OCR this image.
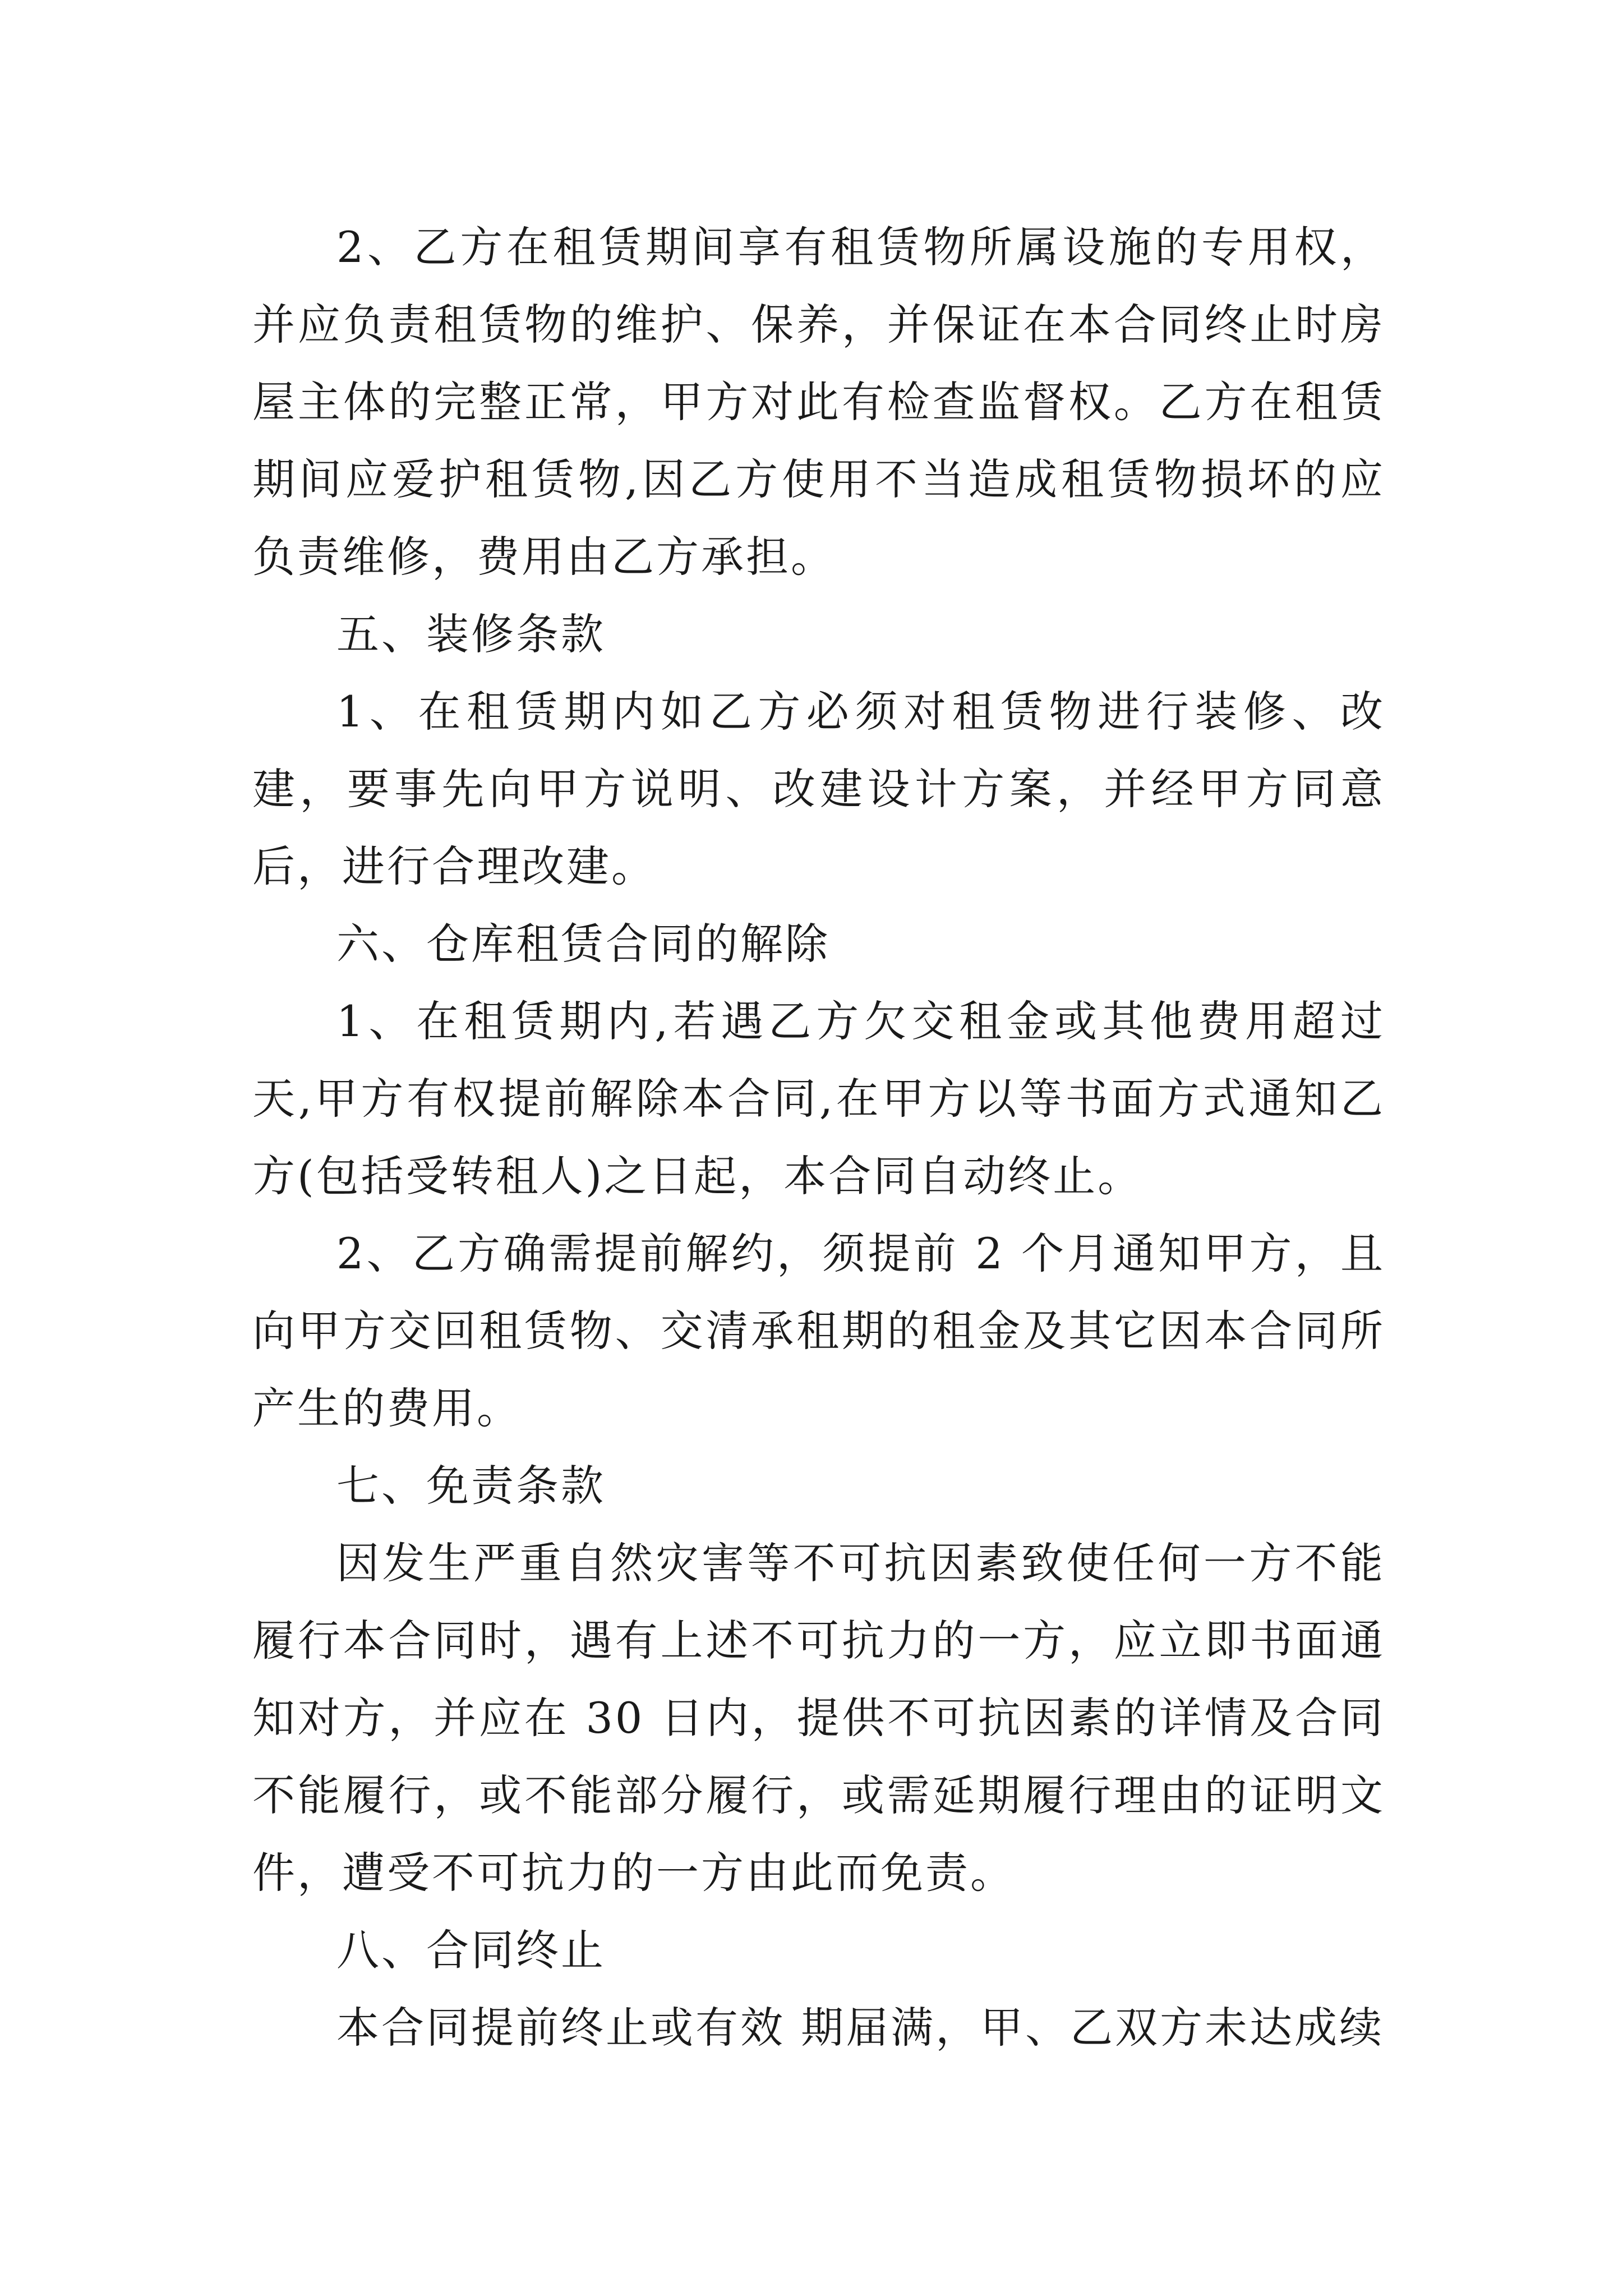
2、乙方在租赁期间享有租赁物所属设施的专用权，并应负责租赁物的维护、保养，并保证在本合同终止时房屋主体的完整正常，甲方对此有检查监督权。乙方在租赁期间应爱护租赁物,因乙方使用不当造成租赁物损坏的应负责维修，费用由乙方承担。

五、装修条款

1、在租赁期内如乙方必须对租赁物进行装修、改建，要事先向甲方说明、改建设计方案，并经甲方同意后，进行合理改建。

六、仓库租赁合同的解除

1、在租赁期内,若遇乙方欠交租金或其他费用超过 天,甲方有权提前解除本合同,在甲方以等书面方式通知乙方(包括受转租人)之日起，本合同自动终止。

2、乙方确需提前解约，须提前 2 个月通知甲方，且向甲方交回租赁物、交清承租期的租金及其它因本合同所产生的费用。

七、免责条款

因发生严重自然灾害等不可抗因素致使任何一方不能履行本合同时，遇有上述不可抗力的一方，应立即书面通知对方，并应在 30 日内，提供不可抗因素的详情及合同不能履行，或不能部分履行，或需延期履行理由的证明文件，遭受不可抗力的一方由此而免责。

八、合同终止

本合同提前终止或有效 期届满，甲、乙双方未达成续
